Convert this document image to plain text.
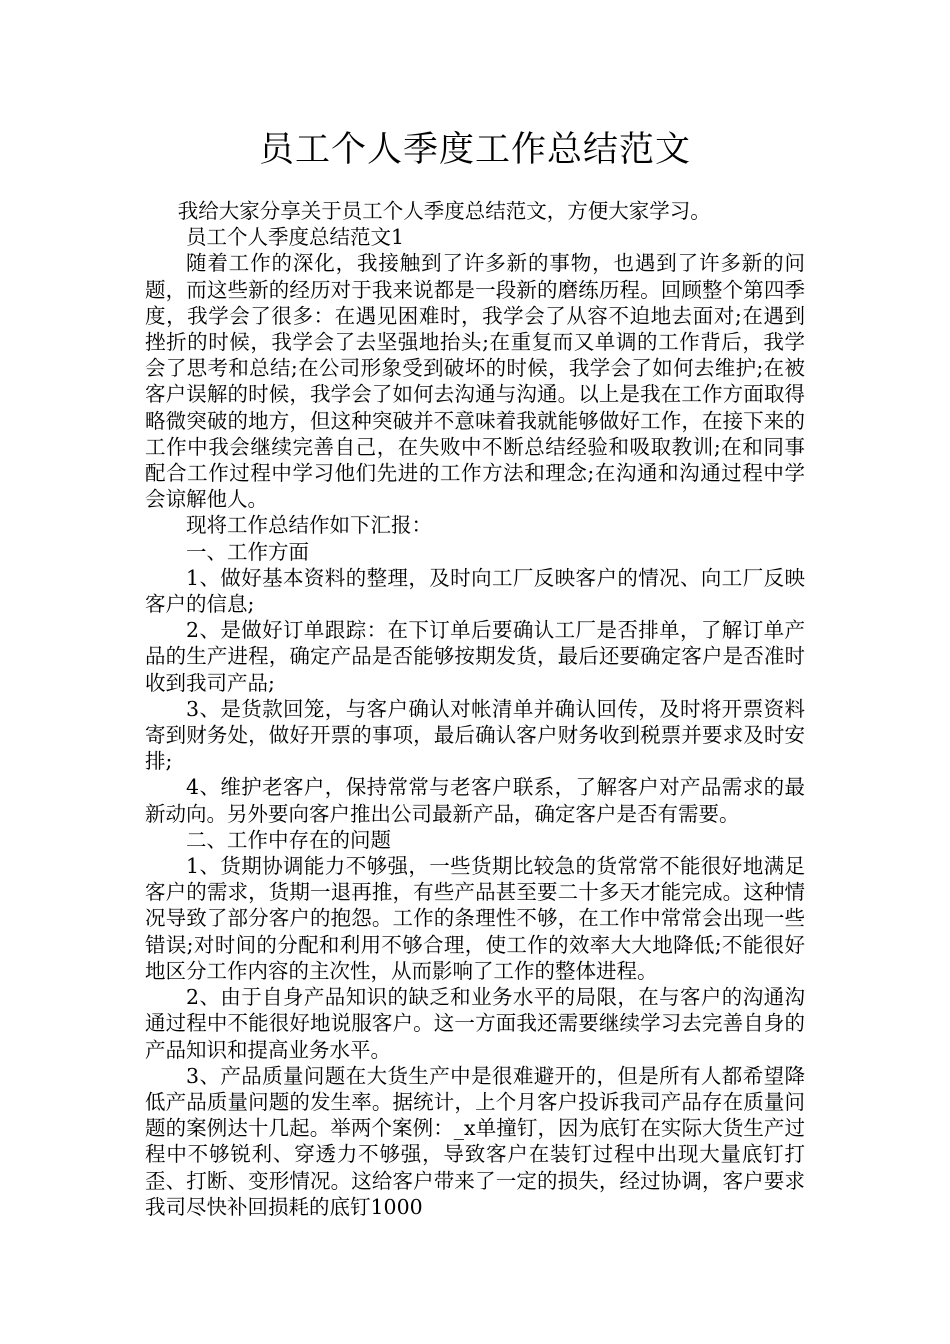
员工个人季度工作总结范文

我给大家分享关于员工个人季度总结范文，方便大家学习。

员工个人季度总结范文1

随着工作的深化，我接触到了许多新的事物，也遇到了许多新的问题，而这些新的经历对于我来说都是一段新的磨练历程。回顾整个第四季度，我学会了很多：在遇见困难时，我学会了从容不迫地去面对;在遇到挫折的时候，我学会了去坚强地抬头;在重复而又单调的工作背后，我学会了思考和总结;在公司形象受到破坏的时候，我学会了如何去维护;在被客户误解的时候，我学会了如何去沟通与沟通。以上是我在工作方面取得略微突破的地方，但这种突破并不意味着我就能够做好工作，在接下来的工作中我会继续完善自己，在失败中不断总结经验和吸取教训;在和同事配合工作过程中学习他们先进的工作方法和理念;在沟通和沟通过程中学会谅解他人。

现将工作总结作如下汇报：

一、工作方面

1、做好基本资料的整理，及时向工厂反映客户的情况、向工厂反映客户的信息;

2、是做好订单跟踪：在下订单后要确认工厂是否排单，了解订单产品的生产进程，确定产品是否能够按期发货，最后还要确定客户是否准时收到我司产品;

3、是货款回笼，与客户确认对帐清单并确认回传，及时将开票资料寄到财务处，做好开票的事项，最后确认客户财务收到税票并要求及时安排;

4、维护老客户，保持常常与老客户联系，了解客户对产品需求的最新动向。另外要向客户推出公司最新产品，确定客户是否有需要。

二、工作中存在的问题

1、货期协调能力不够强，一些货期比较急的货常常不能很好地满足客户的需求，货期一退再推，有些产品甚至要二十多天才能完成。这种情况导致了部分客户的抱怨。工作的条理性不够，在工作中常常会出现一些错误;对时间的分配和利用不够合理，使工作的效率大大地降低;不能很好地区分工作内容的主次性，从而影响了工作的整体进程。

2、由于自身产品知识的缺乏和业务水平的局限，在与客户的沟通沟通过程中不能很好地说服客户。这一方面我还需要继续学习去完善自身的产品知识和提高业务水平。

3、产品质量问题在大货生产中是很难避开的，但是所有人都希望降低产品质量问题的发生率。据统计，上个月客户投诉我司产品存在质量问题的案例达十几起。举两个案例：_x单撞钉，因为底钉在实际大货生产过程中不够锐利、穿透力不够强，导致客户在装钉过程中出现大量底钉打歪、打断、变形情况。这给客户带来了一定的损失，经过协调，客户要求我司尽快补回损耗的底钉1000
